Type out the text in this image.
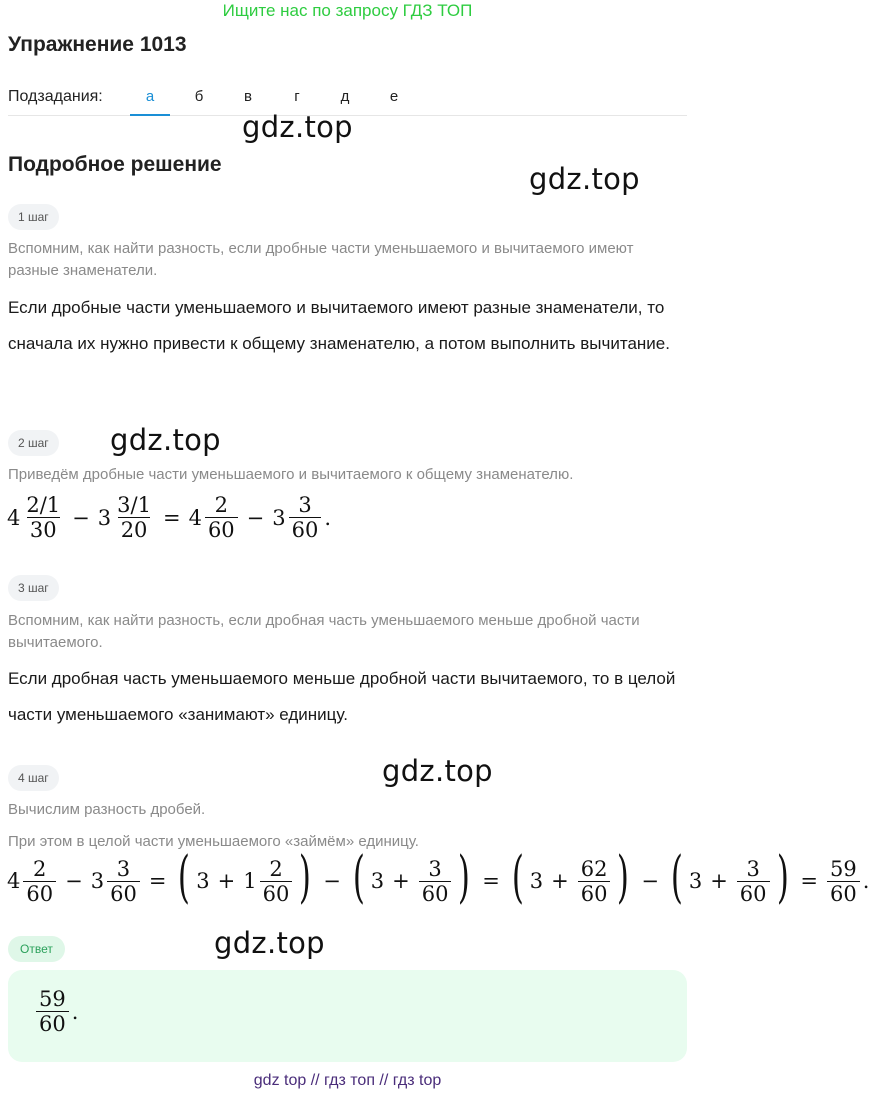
Ищите нас по запросу ГДЗ ТОП
Упражнение 1013
Подзадания:	а	б	в	г	д	е
Подробное решение
gdz.top
gdz.top
gdz.top
gdz.top
gdz.top
1 шаг
Вспомним, как найти разность, если дробные части уменьшаемого и вычитаемого имеют разные знаменатели.
Если дробные части уменьшаемого и вычитаемого имеют разные знаменатели, то сначала их нужно привести к общему знаменателю, а потом выполнить вычитание.
2 шаг
Приведём дробные части уменьшаемого и вычитаемого к общему знаменателю.
$4 \frac{2/1}{30} - 3 \frac{3/1}{20} = 4 \frac{2}{60} - 3 \frac{3}{60}$ .
3 шаг
Вспомним, как найти разность, если дробная часть уменьшаемого меньше дробной части вычитаемого.
Если дробная часть уменьшаемого меньше дробной части вычитаемого, то в целой части уменьшаемого «занимают» единицу.
4 шаг
Вычислим разность дробей.
При этом в целой части уменьшаемого «займём» единицу.
$4 \frac{2}{60} - 3 \frac{3}{60}$ = ( $3 + 1 \frac{2}{60}$ ) − ( $3 + \frac{3}{60}$ ) = ( $3 + \frac{62}{60}$ ) − ( $3 + \frac{3}{60}$ ) = $\frac{59}{60}$ .
Ответ
$\frac{59}{60}$ .
gdz top // гдз топ // гдз top
